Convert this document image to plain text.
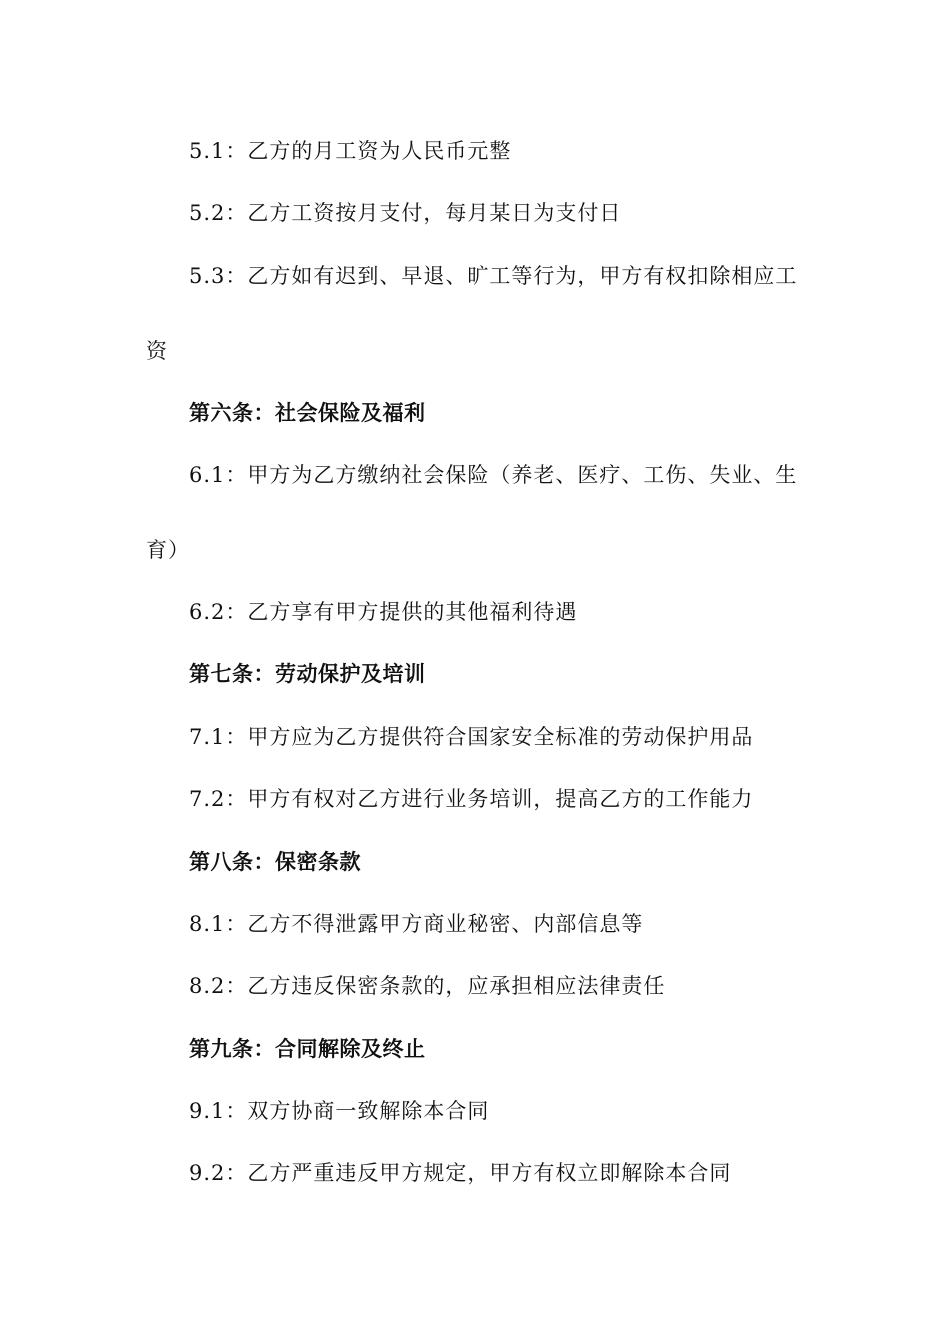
5.1：乙方的月工资为人民币元整
5.2：乙方工资按月支付，每月某日为支付日
5.3：乙方如有迟到、早退、旷工等行为，甲方有权扣除相应工
资
第六条：社会保险及福利
6.1：甲方为乙方缴纳社会保险（养老、医疗、工伤、失业、生
育）
6.2：乙方享有甲方提供的其他福利待遇
第七条：劳动保护及培训
7.1：甲方应为乙方提供符合国家安全标准的劳动保护用品
7.2：甲方有权对乙方进行业务培训，提高乙方的工作能力
第八条：保密条款
8.1：乙方不得泄露甲方商业秘密、内部信息等
8.2：乙方违反保密条款的，应承担相应法律责任
第九条：合同解除及终止
9.1：双方协商一致解除本合同
9.2：乙方严重违反甲方规定，甲方有权立即解除本合同
